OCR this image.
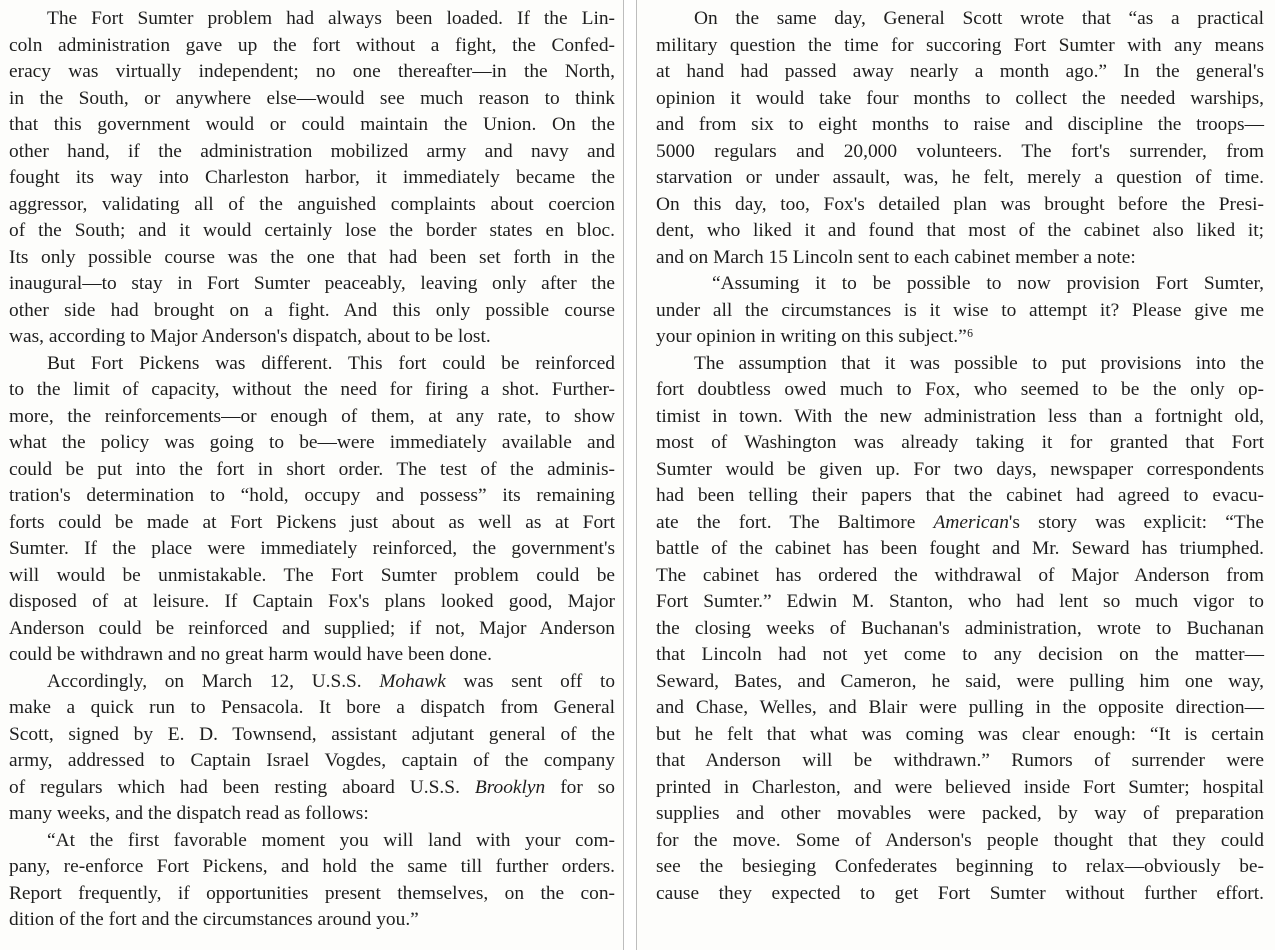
The Fort Sumter problem had always been loaded. If the Lin-
coln administration gave up the fort without a fight, the Confed-
eracy was virtually independent; no one thereafter—in the North,
in the South, or anywhere else—would see much reason to think
that this government would or could maintain the Union. On the
other hand, if the administration mobilized army and navy and
fought its way into Charleston harbor, it immediately became the
aggressor, validating all of the anguished complaints about coercion
of the South; and it would certainly lose the border states en bloc.
Its only possible course was the one that had been set forth in the
inaugural—to stay in Fort Sumter peaceably, leaving only after the
other side had brought on a fight. And this only possible course
was, according to Major Anderson's dispatch, about to be lost.
But Fort Pickens was different. This fort could be reinforced
to the limit of capacity, without the need for firing a shot. Further-
more, the reinforcements—or enough of them, at any rate, to show
what the policy was going to be—were immediately available and
could be put into the fort in short order. The test of the adminis-
tration's determination to “hold, occupy and possess” its remaining
forts could be made at Fort Pickens just about as well as at Fort
Sumter. If the place were immediately reinforced, the government's
will would be unmistakable. The Fort Sumter problem could be
disposed of at leisure. If Captain Fox's plans looked good, Major
Anderson could be reinforced and supplied; if not, Major Anderson
could be withdrawn and no great harm would have been done.
Accordingly, on March 12, U.S.S. Mohawk was sent off to
make a quick run to Pensacola. It bore a dispatch from General
Scott, signed by E. D. Townsend, assistant adjutant general of the
army, addressed to Captain Israel Vogdes, captain of the company
of regulars which had been resting aboard U.S.S. Brooklyn for so
many weeks, and the dispatch read as follows:
“At the first favorable moment you will land with your com-
pany, re-enforce Fort Pickens, and hold the same till further orders.
Report frequently, if opportunities present themselves, on the con-
dition of the fort and the circumstances around you.”
On the same day, General Scott wrote that “as a practical
military question the time for succoring Fort Sumter with any means
at hand had passed away nearly a month ago.” In the general's
opinion it would take four months to collect the needed warships,
and from six to eight months to raise and discipline the troops—
5000 regulars and 20,000 volunteers. The fort's surrender, from
starvation or under assault, was, he felt, merely a question of time.
On this day, too, Fox's detailed plan was brought before the Presi-
dent, who liked it and found that most of the cabinet also liked it;
and on March 15 Lincoln sent to each cabinet member a note:
“Assuming it to be possible to now provision Fort Sumter,
under all the circumstances is it wise to attempt it? Please give me
your opinion in writing on this subject.”⁶
The assumption that it was possible to put provisions into the
fort doubtless owed much to Fox, who seemed to be the only op-
timist in town. With the new administration less than a fortnight old,
most of Washington was already taking it for granted that Fort
Sumter would be given up. For two days, newspaper correspondents
had been telling their papers that the cabinet had agreed to evacu-
ate the fort. The Baltimore American's story was explicit: “The
battle of the cabinet has been fought and Mr. Seward has triumphed.
The cabinet has ordered the withdrawal of Major Anderson from
Fort Sumter.” Edwin M. Stanton, who had lent so much vigor to
the closing weeks of Buchanan's administration, wrote to Buchanan
that Lincoln had not yet come to any decision on the matter—
Seward, Bates, and Cameron, he said, were pulling him one way,
and Chase, Welles, and Blair were pulling in the opposite direction—
but he felt that what was coming was clear enough: “It is certain
that Anderson will be withdrawn.” Rumors of surrender were
printed in Charleston, and were believed inside Fort Sumter; hospital
supplies and other movables were packed, by way of preparation
for the move. Some of Anderson's people thought that they could
see the besieging Confederates beginning to relax—obviously be-
cause they expected to get Fort Sumter without further effort.
